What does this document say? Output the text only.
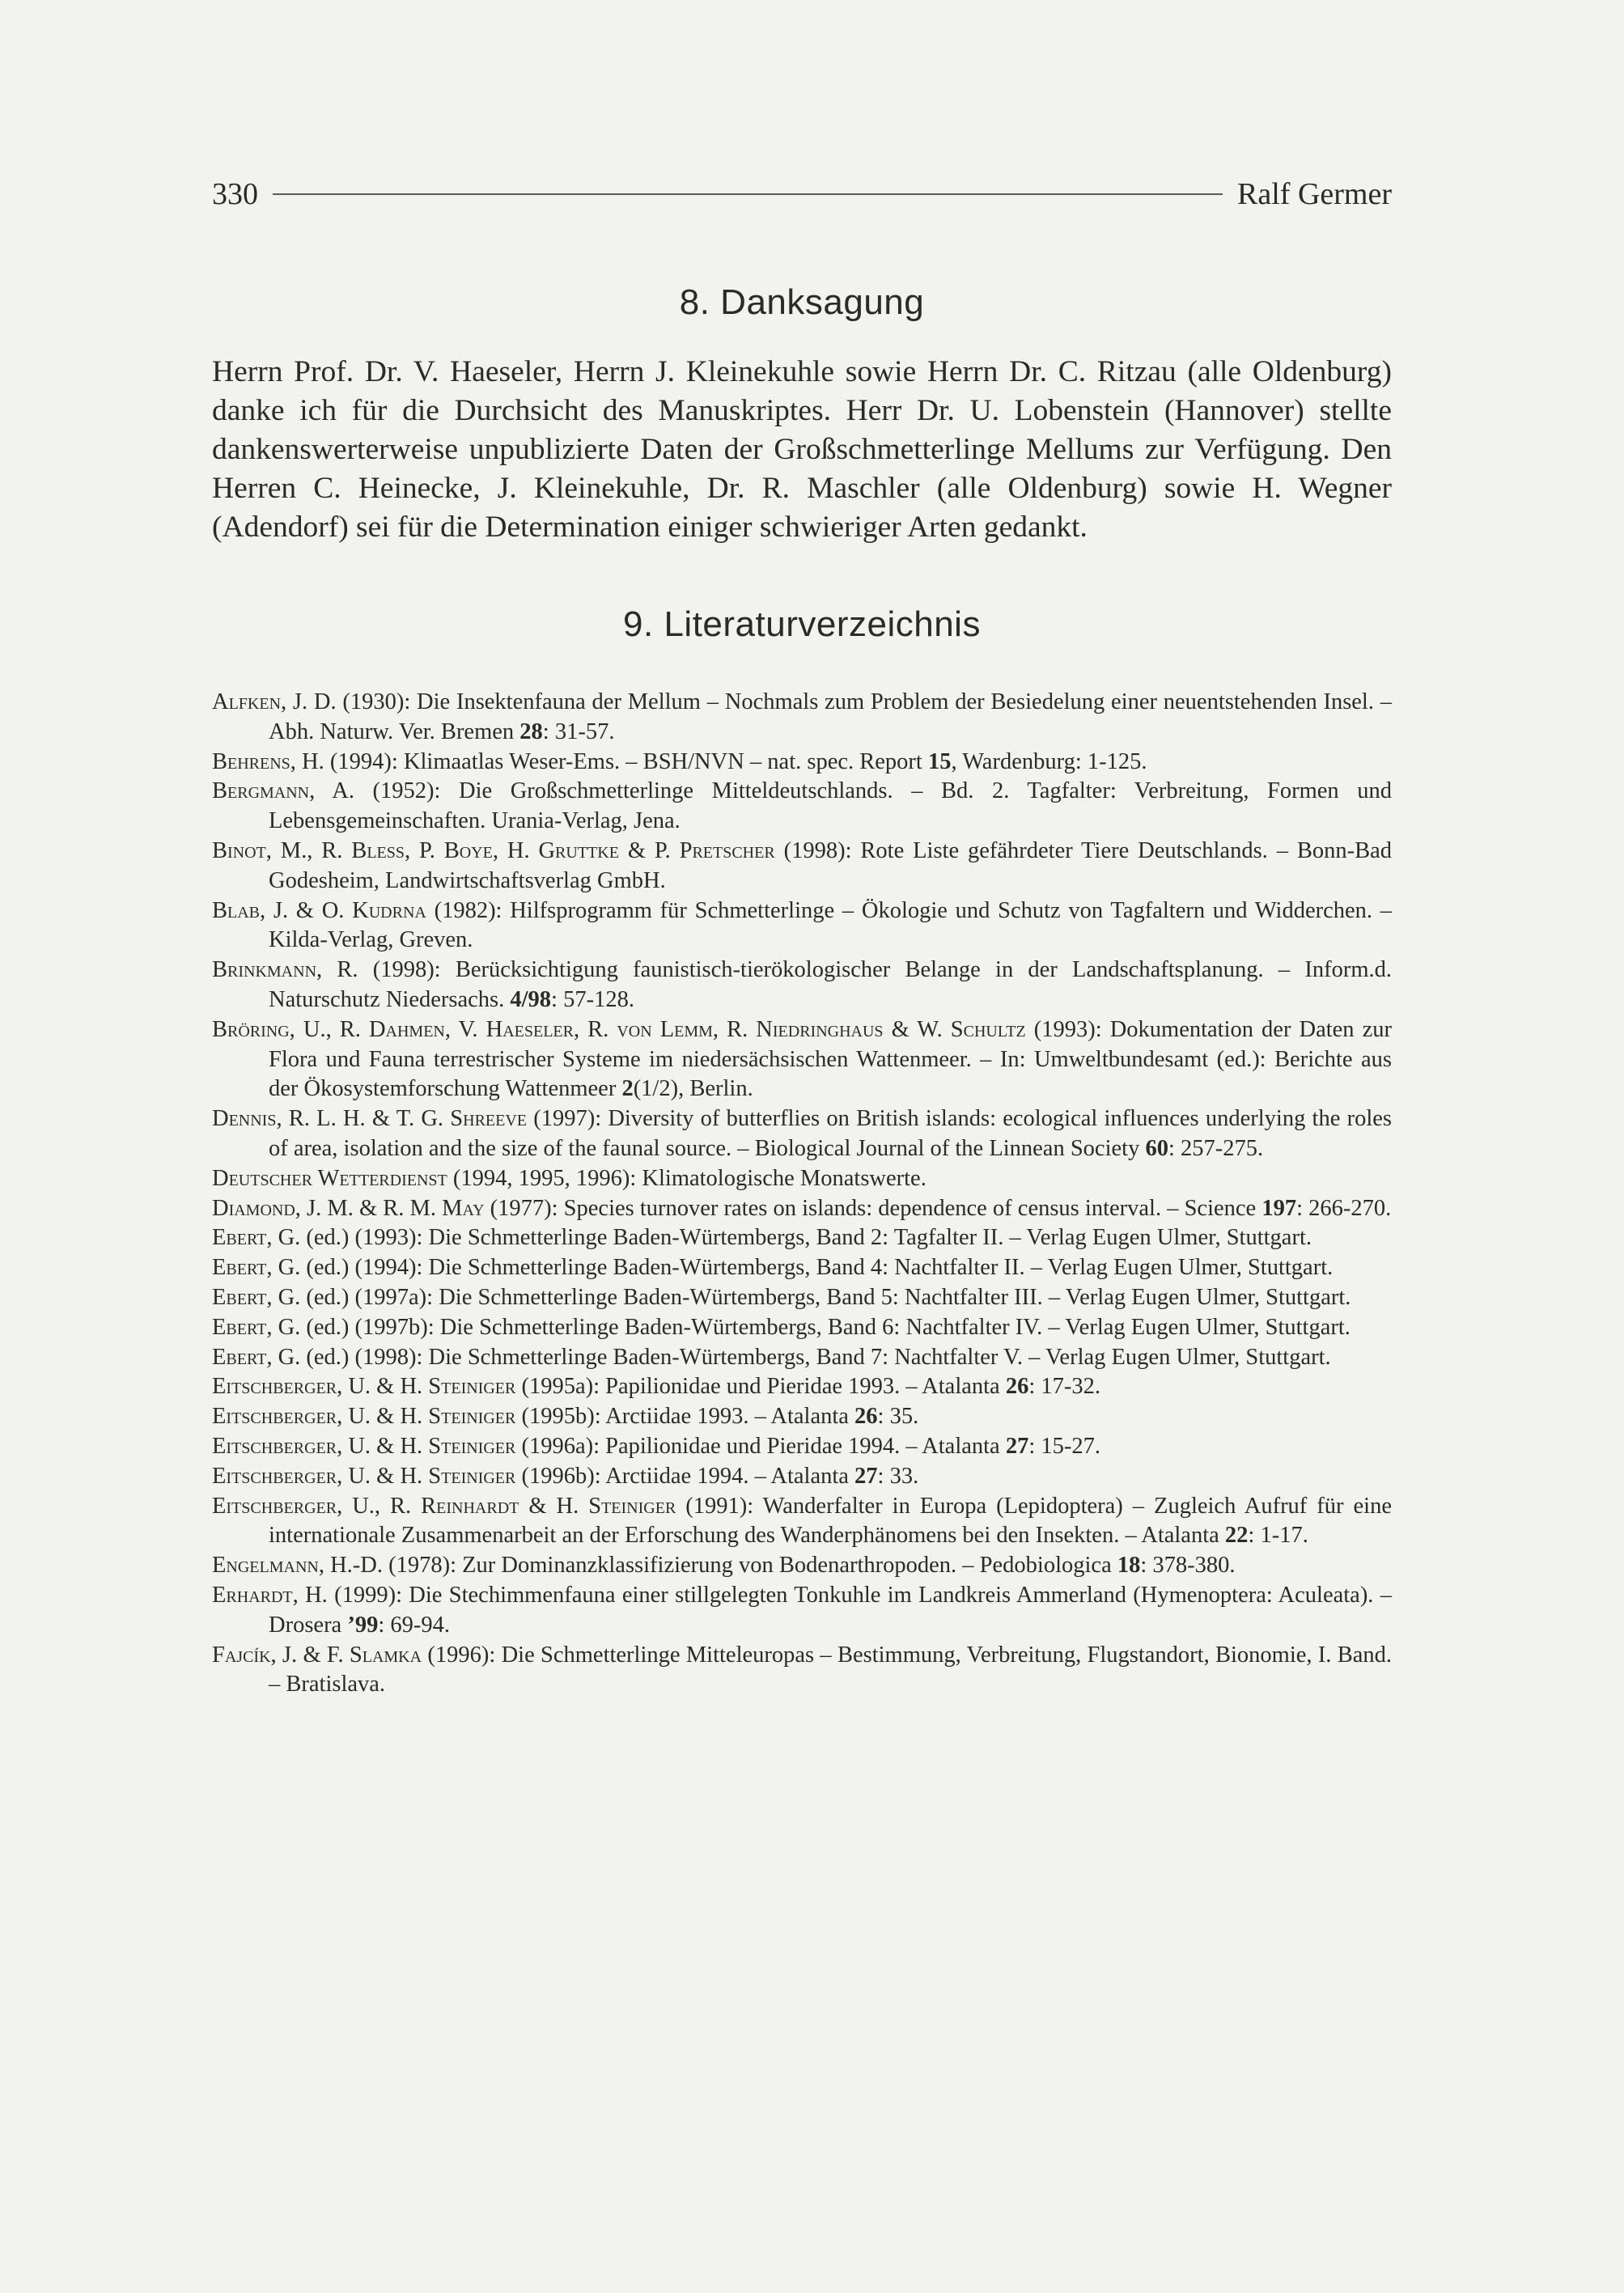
330	Ralf Germer
8. Danksagung

Herrn Prof. Dr. V. Haeseler, Herrn J. Kleinekuhle sowie Herrn Dr. C. Ritzau (alle Oldenburg) danke ich für die Durchsicht des Manuskriptes. Herr Dr. U. Lobenstein (Hannover) stellte dankenswerterweise unpublizierte Daten der Großschmetterlinge Mellums zur Verfügung. Den Herren C. Heinecke, J. Kleinekuhle, Dr. R. Maschler (alle Oldenburg) sowie H. Wegner (Adendorf) sei für die Determination einiger schwieriger Arten gedankt.

9. Literaturverzeichnis
Alfken, J. D. (1930): Die Insektenfauna der Mellum – Nochmals zum Problem der Besiedelung einer neuentstehenden Insel. – Abh. Naturw. Ver. Bremen 28: 31-57.
Behrens, H. (1994): Klimaatlas Weser-Ems. – BSH/NVN – nat. spec. Report 15, Wardenburg: 1-125.
Bergmann, A. (1952): Die Großschmetterlinge Mitteldeutschlands. – Bd. 2. Tagfalter: Verbreitung, Formen und Lebensgemeinschaften. Urania-Verlag, Jena.
Binot, M., R. Bless, P. Boye, H. Gruttke & P. Pretscher (1998): Rote Liste gefährdeter Tiere Deutschlands. – Bonn-Bad Godesheim, Landwirtschaftsverlag GmbH.
Blab, J. & O. Kudrna (1982): Hilfsprogramm für Schmetterlinge – Ökologie und Schutz von Tagfaltern und Widderchen. – Kilda-Verlag, Greven.
Brinkmann, R. (1998): Berücksichtigung faunistisch-tierökologischer Belange in der Landschaftsplanung. – Inform.d. Naturschutz Niedersachs. 4/98: 57-128.
Bröring, U., R. Dahmen, V. Haeseler, R. von Lemm, R. Niedringhaus & W. Schultz (1993): Dokumentation der Daten zur Flora und Fauna terrestrischer Systeme im niedersächsischen Wattenmeer. – In: Umweltbundesamt (ed.): Berichte aus der Ökosystemforschung Wattenmeer 2(1/2), Berlin.
Dennis, R. L. H. & T. G. Shreeve (1997): Diversity of butterflies on British islands: ecological influences underlying the roles of area, isolation and the size of the faunal source. – Biological Journal of the Linnean Society 60: 257-275.
Deutscher Wetterdienst (1994, 1995, 1996): Klimatologische Monatswerte.
Diamond, J. M. & R. M. May (1977): Species turnover rates on islands: dependence of census interval. – Science 197: 266-270.
Ebert, G. (ed.) (1993): Die Schmetterlinge Baden-Würtembergs, Band 2: Tagfalter II. – Verlag Eugen Ulmer, Stuttgart.
Ebert, G. (ed.) (1994): Die Schmetterlinge Baden-Würtembergs, Band 4: Nachtfalter II. – Verlag Eugen Ulmer, Stuttgart.
Ebert, G. (ed.) (1997a): Die Schmetterlinge Baden-Würtembergs, Band 5: Nachtfalter III. – Verlag Eugen Ulmer, Stuttgart.
Ebert, G. (ed.) (1997b): Die Schmetterlinge Baden-Würtembergs, Band 6: Nachtfalter IV. – Verlag Eugen Ulmer, Stuttgart.
Ebert, G. (ed.) (1998): Die Schmetterlinge Baden-Würtembergs, Band 7: Nachtfalter V. – Verlag Eugen Ulmer, Stuttgart.
Eitschberger, U. & H. Steiniger (1995a): Papilionidae und Pieridae 1993. – Atalanta 26: 17-32.
Eitschberger, U. & H. Steiniger (1995b): Arctiidae 1993. – Atalanta 26: 35.
Eitschberger, U. & H. Steiniger (1996a): Papilionidae und Pieridae 1994. – Atalanta 27: 15-27.
Eitschberger, U. & H. Steiniger (1996b): Arctiidae 1994. – Atalanta 27: 33.
Eitschberger, U., R. Reinhardt & H. Steiniger (1991): Wanderfalter in Europa (Lepidoptera) – Zugleich Aufruf für eine internationale Zusammenarbeit an der Erforschung des Wanderphänomens bei den Insekten. – Atalanta 22: 1-17.
Engelmann, H.-D. (1978): Zur Dominanzklassifizierung von Bodenarthropoden. – Pedobiologica 18: 378-380.
Erhardt, H. (1999): Die Stechimmenfauna einer stillgelegten Tonkuhle im Landkreis Ammerland (Hymenoptera: Aculeata). – Drosera ’99: 69-94.
Fajcík, J. & F. Slamka (1996): Die Schmetterlinge Mitteleuropas – Bestimmung, Verbreitung, Flugstandort, Bionomie, I. Band. – Bratislava.
